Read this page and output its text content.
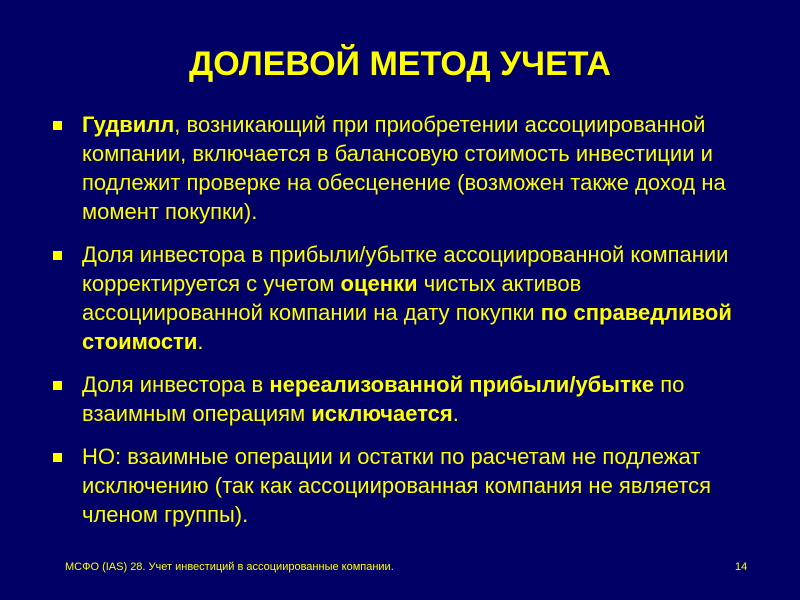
ДОЛЕВОЙ МЕТОД УЧЕТА
Гудвилл, возникающий при приобретении ассоциированной компании, включается в балансовую стоимость инвестиции и подлежит проверке на обесценение (возможен также доход на момент покупки).
Доля инвестора в прибыли/убытке ассоциированной компании корректируется с учетом оценки чистых активов ассоциированной компании на дату покупки по справедливой стоимости.
Доля инвестора в нереализованной прибыли/убытке по взаимным операциям исключается.
НО: взаимные операции и остатки по расчетам не подлежат исключению (так как ассоциированная компания не является членом группы).
МСФО (IAS) 28. Учет инвестиций в ассоциированные компании.	14
